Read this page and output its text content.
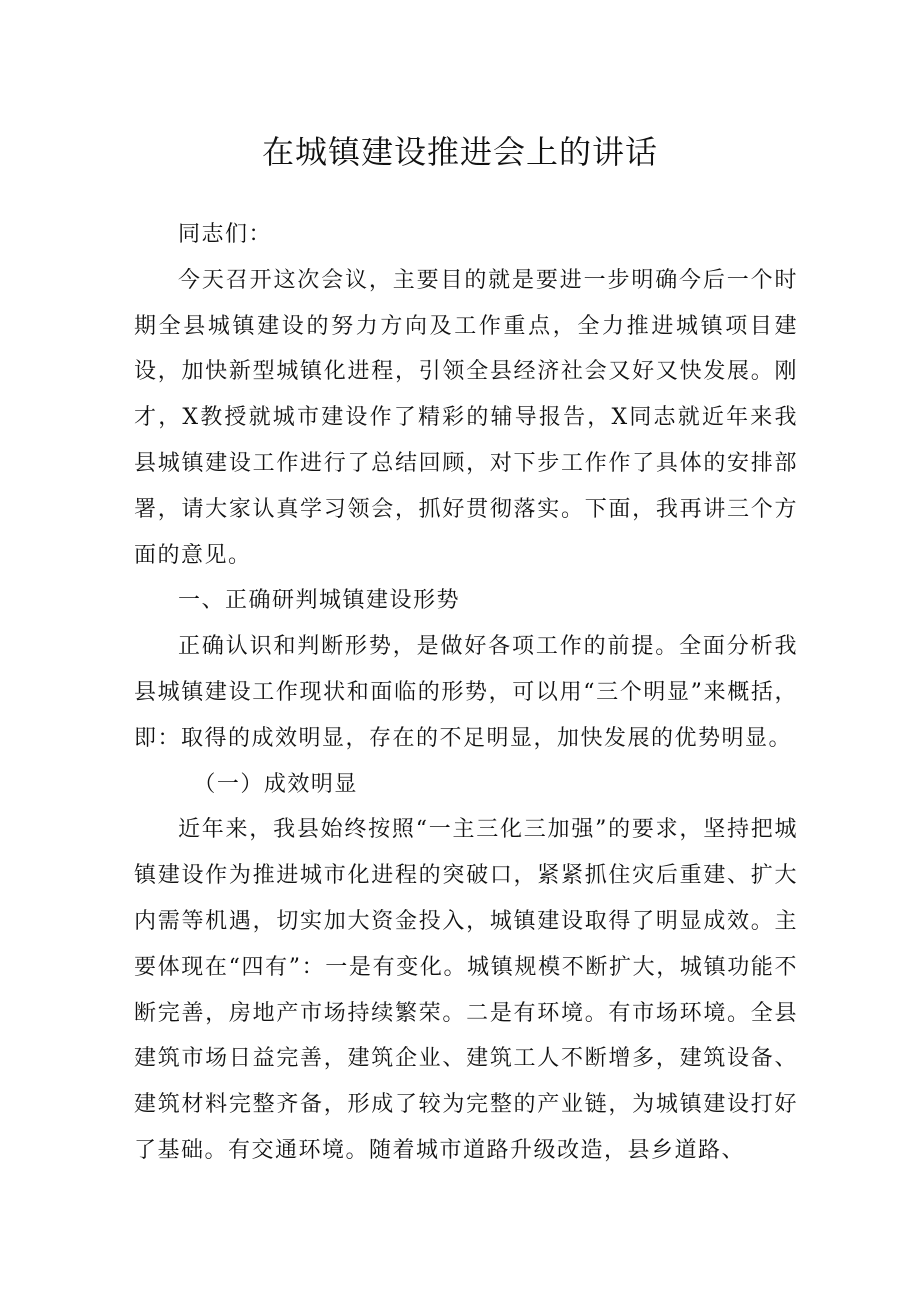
在城镇建设推进会上的讲话

同志们：

今天召开这次会议，主要目的就是要进一步明确今后一个时期全县城镇建设的努力方向及工作重点，全力推进城镇项目建设，加快新型城镇化进程，引领全县经济社会又好又快发展。刚才，X教授就城市建设作了精彩的辅导报告，X同志就近年来我县城镇建设工作进行了总结回顾，对下步工作作了具体的安排部署，请大家认真学习领会，抓好贯彻落实。下面，我再讲三个方面的意见。

一、正确研判城镇建设形势

正确认识和判断形势，是做好各项工作的前提。全面分析我县城镇建设工作现状和面临的形势，可以用“三个明显”来概括，即：取得的成效明显，存在的不足明显，加快发展的优势明显。

（一）成效明显

近年来，我县始终按照“一主三化三加强”的要求，坚持把城镇建设作为推进城市化进程的突破口，紧紧抓住灾后重建、扩大内需等机遇，切实加大资金投入，城镇建设取得了明显成效。主要体现在“四有”：一是有变化。城镇规模不断扩大，城镇功能不断完善，房地产市场持续繁荣。二是有环境。有市场环境。全县建筑市场日益完善，建筑企业、建筑工人不断增多，建筑设备、建筑材料完整齐备，形成了较为完整的产业链，为城镇建设打好了基础。有交通环境。随着城市道路升级改造，县乡道路、
